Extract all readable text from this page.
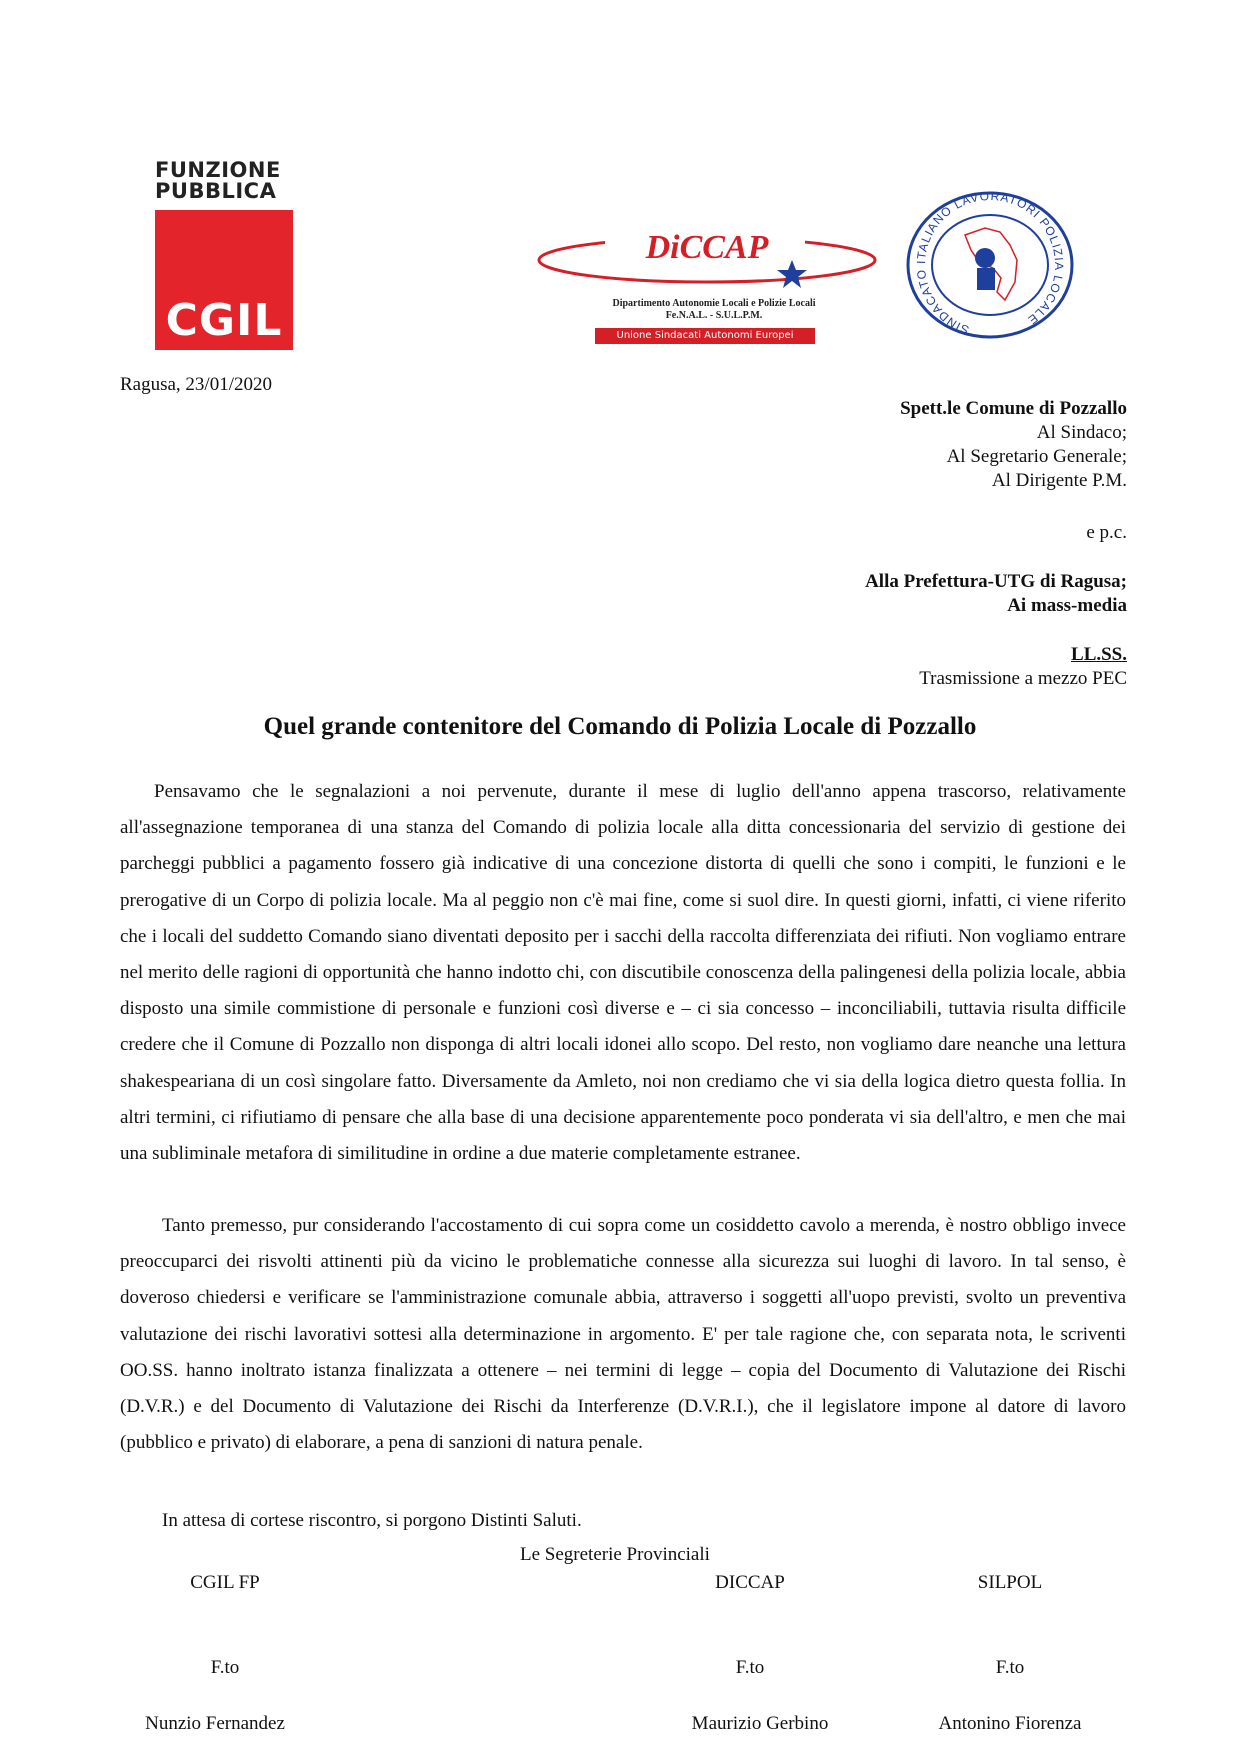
FUNZIONE
PUBBLICA
CGIL
DiCCAP
Dipartimento Autonomie Locali e Polizie Locali
Fe.N.A.L. - S.U.L.P.M.
Unione Sindacati Autonomi Europei	SINDACATO ITALIANO LAVORATORI POLIZIA LOCALE
Ragusa, 23/01/2020
Spett.le Comune di Pozzallo
Al Sindaco;
Al Segretario Generale;
Al Dirigente P.M.
e p.c.
Alla Prefettura-UTG di Ragusa;
Ai mass-media
LL.SS.
Trasmissione a mezzo PEC
Quel grande contenitore del Comando di Polizia Locale di Pozzallo

Pensavamo che le segnalazioni a noi pervenute, durante il mese di luglio dell'anno appena trascorso, relativamente all'assegnazione temporanea di una stanza del Comando di polizia locale alla ditta concessionaria del servizio di gestione dei parcheggi pubblici a pagamento fossero già indicative di una concezione distorta di quelli che sono i compiti, le funzioni e le prerogative di un Corpo di polizia locale. Ma al peggio non c'è mai fine, come si suol dire. In questi giorni, infatti, ci viene riferito che i locali del suddetto Comando siano diventati deposito per i sacchi della raccolta differenziata dei rifiuti. Non vogliamo entrare nel merito delle ragioni di opportunità che hanno indotto chi, con discutibile conoscenza della palingenesi della polizia locale, abbia disposto una simile commistione di personale e funzioni così diverse e – ci sia concesso – inconciliabili, tuttavia risulta difficile credere che il Comune di Pozzallo non disponga di altri locali idonei allo scopo. Del resto, non vogliamo dare neanche una lettura shakespeariana di un così singolare fatto. Diversamente da Amleto, noi non crediamo che vi sia della logica dietro questa follia. In altri termini, ci rifiutiamo di pensare che alla base di una decisione apparentemente poco ponderata vi sia dell'altro, e men che mai una subliminale metafora di similitudine in ordine a due materie completamente estranee.

Tanto premesso, pur considerando l'accostamento di cui sopra come un cosiddetto cavolo a merenda, è nostro obbligo invece preoccuparci dei risvolti attinenti più da vicino le problematiche connesse alla sicurezza sui luoghi di lavoro. In tal senso, è doveroso chiedersi e verificare se l'amministrazione comunale abbia, attraverso i soggetti all'uopo previsti, svolto un preventiva valutazione dei rischi lavorativi sottesi alla determinazione in argomento. E' per tale ragione che, con separata nota, le scriventi OO.SS. hanno inoltrato istanza finalizzata a ottenere – nei termini di legge – copia del Documento di Valutazione dei Rischi (D.V.R.) e del Documento di Valutazione dei Rischi da Interferenze (D.V.R.I.), che il legislatore impone al datore di lavoro (pubblico e privato) di elaborare, a pena di sanzioni di natura penale.

In attesa di cortese riscontro, si porgono Distinti Saluti.
Le Segreterie Provinciali
CGIL FP	DICCAP	SILPOL
F.to	F.to	F.to
Nunzio Fernandez	Maurizio Gerbino	Antonino Fiorenza
